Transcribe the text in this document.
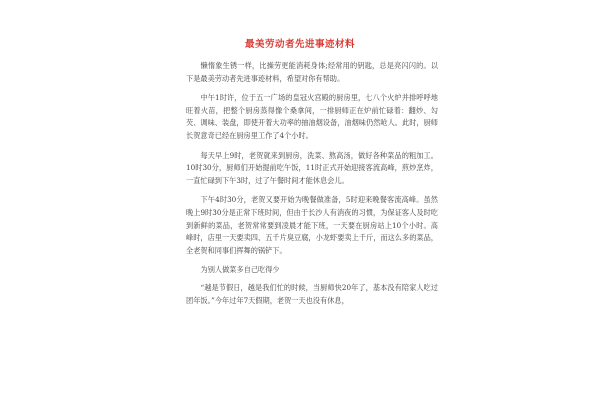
最美劳动者先进事迹材料

懒惰象生锈一样，比操劳更能消耗身体;经常用的钥匙，总是亮闪闪的。以下是最美劳动者先进事迹材料，希望对你有帮助。

中午1时许，位于五一广场的皇冠火宫殿的厨房里，七八个火炉并排呼呼地旺着火苗，把整个厨房蒸得像个桑拿间，一排厨师正在炉前忙碌着：翻炒、勾芡、调味、装盘，即使开着大功率的抽油烟设备，油烟味仍然呛人。此时，厨师长贺意奇已经在厨房里工作了4个小时。

每天早上9时，老贺就来到厨房，洗菜、熬高汤，做好各种菜品的粗加工。10时30分，厨师们开始提前吃午饭，11时正式开始迎接客流高峰，煎炒烹炸，一直忙碌到下午3时，过了午餐时间才能休息会儿。

下午4时30分，老贺又要开始为晚餐做准备，5时迎来晚餐客流高峰。虽然晚上9时30分是正常下班时间，但由于长沙人有消夜的习惯，为保证客人及时吃到新鲜的菜品，老贺常常要到凌晨才能下班，一天要在厨房站上10个小时。高峰时，店里一天要卖四、五千片臭豆腐，小龙虾要卖上千斤，而这么多的菜品，全老贺和同事们挥舞的锅铲下。

为别人做菜多自己吃得少

“越是节假日，越是我们忙的时候，当厨师快20年了，基本没有陪家人吃过团年饭。”今年过年7天假期，老贺一天也没有休息，
